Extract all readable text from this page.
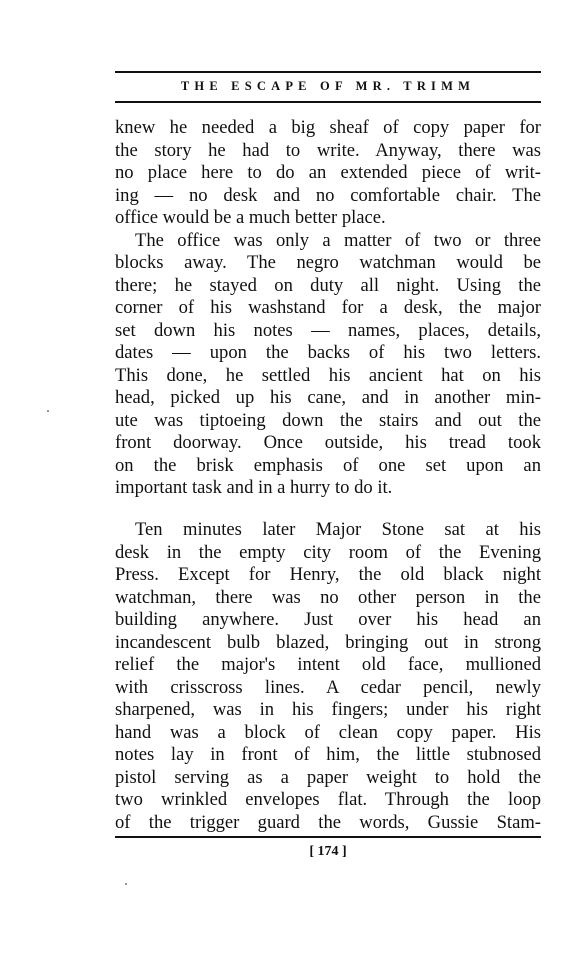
THE ESCAPE OF MR. TRIMM

knew he needed a big sheaf of copy paper for

the story he had to write. Anyway, there was

no place here to do an extended piece of writ-

ing — no desk and no comfortable chair. The

office would be a much better place.

The office was only a matter of two or three

blocks away. The negro watchman would be

there; he stayed on duty all night. Using the

corner of his washstand for a desk, the major

set down his notes — names, places, details,

dates — upon the backs of his two letters.

This done, he settled his ancient hat on his

head, picked up his cane, and in another min-

ute was tiptoeing down the stairs and out the

front doorway. Once outside, his tread took

on the brisk emphasis of one set upon an

important task and in a hurry to do it.

Ten minutes later Major Stone sat at his

desk in the empty city room of the Evening

Press. Except for Henry, the old black night

watchman, there was no other person in the

building anywhere. Just over his head an

incandescent bulb blazed, bringing out in strong

relief the major's intent old face, mullioned

with crisscross lines. A cedar pencil, newly

sharpened, was in his fingers; under his right

hand was a block of clean copy paper. His

notes lay in front of him, the little stubnosed

pistol serving as a paper weight to hold the

two wrinkled envelopes flat. Through the loop

of the trigger guard the words, Gussie Stam-

[ 174 ]
